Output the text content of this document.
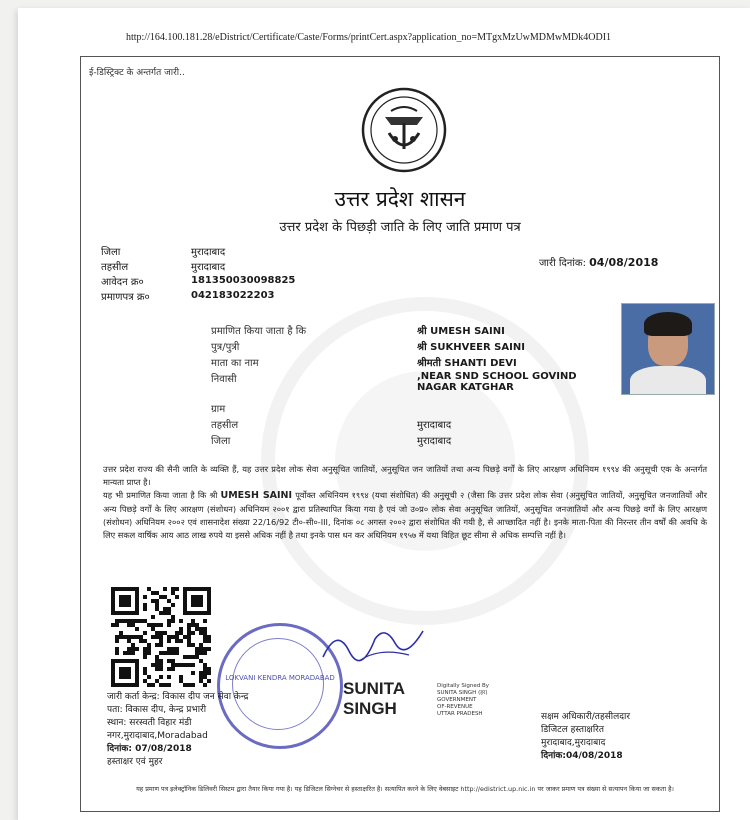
http://164.100.181.28/eDistrict/Certificate/Caste/Forms/printCert.aspx?application_no=MTgxMzUwMDMwMDk4ODI1
ई-डिस्ट्रिक्ट के अन्तर्गत जारी..
उत्तर प्रदेश शासन
उत्तर प्रदेश के पिछड़ी जाति के लिए जाति प्रमाण पत्र
जिला	मुरादाबाद
तहसील	मुरादाबाद
आवेदन क्र०	181350030098825
प्रमाणपत्र क्र०	042183022203
जारी दिनांक: 04/08/2018
प्रमाणित किया जाता है कि	श्री UMESH SAINI
पुत्र/पुत्री	श्री SUKHVEER SAINI
माता का नाम	श्रीमती SHANTI DEVI
निवासी	,NEAR SND SCHOOL GOVIND NAGAR KATGHAR
ग्राम
तहसील	मुरादाबाद
जिला	मुरादाबाद
उत्तर प्रदेश राज्य की सैनी जाति के व्यक्ति हैं, यह उत्तर प्रदेश लोक सेवा अनुसूचित जातियों, अनुसूचित जन जातियों तथा अन्य पिछड़े वर्गों के लिए आरक्षण अधिनियम १९९४ की अनुसूची एक के अन्तर्गत मान्यता प्राप्त है।
यह भी प्रमाणित किया जाता है कि श्री UMESH SAINI पूर्वोक्त अधिनियम १९९४ (यथा संशोधित) की अनुसूची २ (जैसा कि उत्तर प्रदेश लोक सेवा (अनुसूचित जातियों, अनुसूचित जनजातियों और अन्य पिछड़े वर्गों के लिए आरक्षण (संशोधन) अधिनियम २००१ द्वारा प्रतिस्थापित किया गया है एवं जो उ०प्र० लोक सेवा अनुसूचित जातियों, अनुसूचित जनजातियों और अन्य पिछड़े वर्गों के लिए आरक्षण (संशोधन) अधिनियम २००२ एवं शासनादेश संख्या 22/16/92 टी०-सी०-III, दिनांक ०८ अगस्त २००२ द्वारा संशोधित की गयी है, से आच्छादित नहीं है। इनके माता-पिता की निरन्तर तीन वर्षों की अवधि के लिए सकल वार्षिक आय आठ लाख रुपये या इससे अधिक नहीं है तथा इनके पास धन कर अधिनियम १९५७ में यथा विहित छूट सीमा से अधिक सम्पत्ति नहीं है।
LOKVANI KENDRA MORADABAD
SUNITA
SINGH
Digitally Signed By
SUNITA SINGH (हर)
GOVERNMENT
OF-REVENUE
UTTAR PRADESH
जारी कर्ता केन्द्र: विकास दीप जन सेवा केन्द्र
पता: विकास दीप, केन्द्र प्रभारी
स्थान: सरस्वती विहार मंडी
नगर,मुरादाबाद,Moradabad
दिनांक: 07/08/2018
हस्ताक्षर एवं मुहर
सक्षम अधिकारी/तहसीलदार
डिजिटल हस्ताक्षरित
मुरादाबाद,मुरादाबाद
दिनांक:04/08/2018
यह प्रमाण पत्र इलेक्ट्रॉनिक डिलिवरी सिस्टम द्वारा तैयार किया गया है। यह डिजिटल सिग्नेचर से हस्ताक्षरित है। सत्यापित करने के लिए वेबसाइट http://edistrict.up.nic.in पर जाकर प्रमाण पत्र संख्या से सत्यापन किया जा सकता है।
